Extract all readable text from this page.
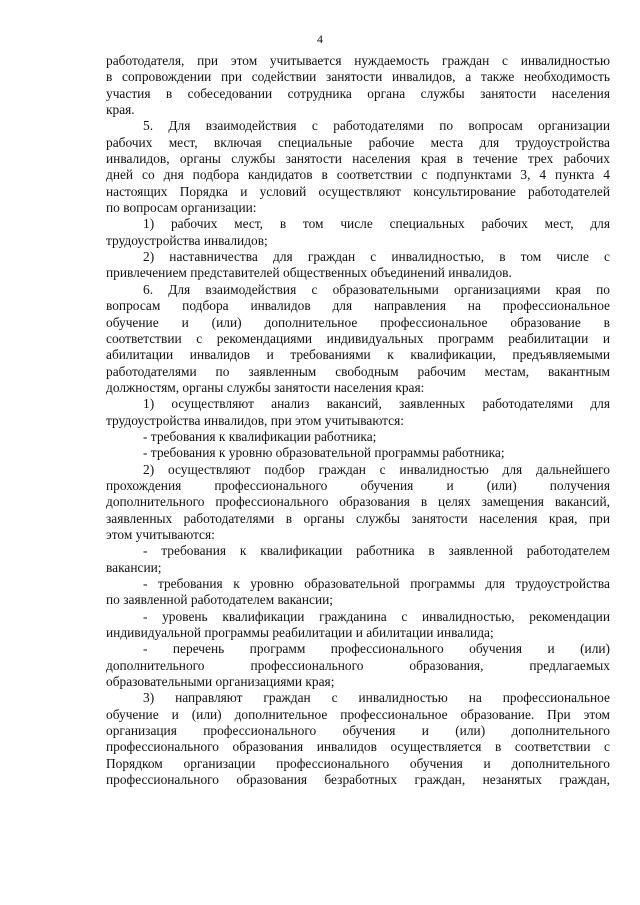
4
работодателя, при этом учитывается нуждаемость граждан с инвалидностью
в сопровождении при содействии занятости инвалидов, а также необходимость
участия в собеседовании сотрудника органа службы занятости населения
края.
5. Для взаимодействия с работодателями по вопросам организации
рабочих мест, включая специальные рабочие места для трудоустройства
инвалидов, органы службы занятости населения края в течение трех рабочих
дней со дня подбора кандидатов в соответствии с подпунктами 3, 4 пункта 4
настоящих Порядка и условий осуществляют консультирование работодателей
по вопросам организации:
1) рабочих мест, в том числе специальных рабочих мест, для
трудоустройства инвалидов;
2) наставничества для граждан с инвалидностью, в том числе с
привлечением представителей общественных объединений инвалидов.
6. Для взаимодействия с образовательными организациями края по
вопросам подбора инвалидов для направления на профессиональное
обучение и (или) дополнительное профессиональное образование в
соответствии с рекомендациями индивидуальных программ реабилитации и
абилитации инвалидов и требованиями к квалификации, предъявляемыми
работодателями по заявленным свободным рабочим местам, вакантным
должностям, органы службы занятости населения края:
1) осуществляют анализ вакансий, заявленных работодателями для
трудоустройства инвалидов, при этом учитываются:
- требования к квалификации работника;
- требования к уровню образовательной программы работника;
2) осуществляют подбор граждан с инвалидностью для дальнейшего
прохождения профессионального обучения и (или) получения
дополнительного профессионального образования в целях замещения вакансий,
заявленных работодателями в органы службы занятости населения края, при
этом учитываются:
- требования к квалификации работника в заявленной работодателем
вакансии;
- требования к уровню образовательной программы для трудоустройства
по заявленной работодателем вакансии;
- уровень квалификации гражданина с инвалидностью, рекомендации
индивидуальной программы реабилитации и абилитации инвалида;
- перечень программ профессионального обучения и (или)
дополнительного профессионального образования, предлагаемых
образовательными организациями края;
3) направляют граждан с инвалидностью на профессиональное
обучение и (или) дополнительное профессиональное образование. При этом
организация профессионального обучения и (или) дополнительного
профессионального образования инвалидов осуществляется в соответствии с
Порядком организации профессионального обучения и дополнительного
профессионального образования безработных граждан, незанятых граждан,
